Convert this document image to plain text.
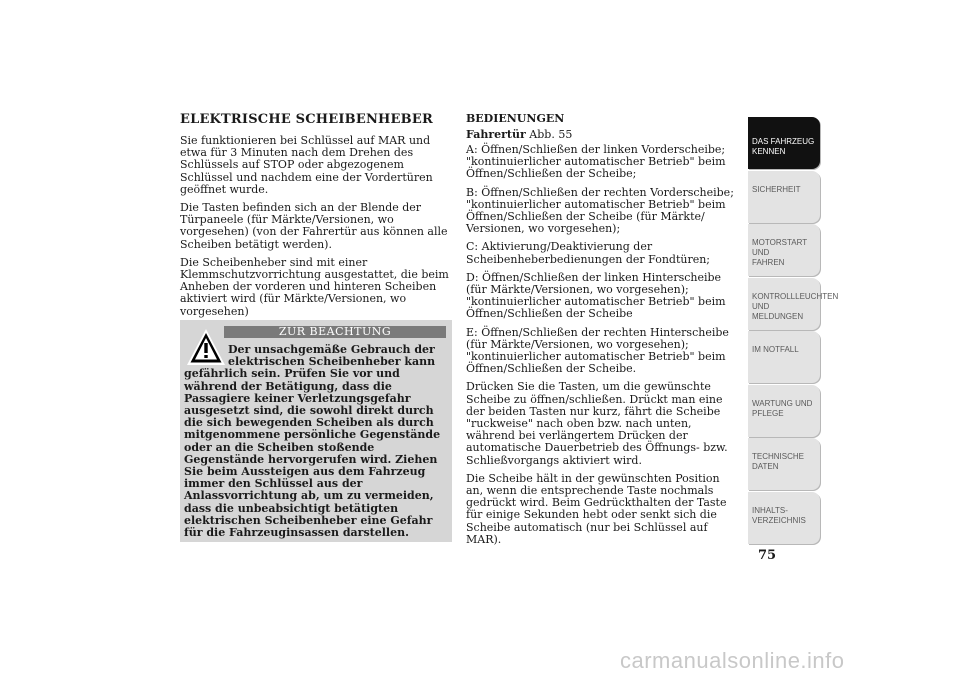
ELEKTRISCHE SCHEIBENHEBER

Sie funktionieren bei Schlüssel auf MAR und etwa für 3 Minuten nach dem Drehen des Schlüssels auf STOP oder abgezogenem Schlüssel und nachdem eine der Vordertüren geöffnet wurde.

Die Tasten befinden sich an der Blende der Türpaneele (für Märkte/Versionen, wo vorgesehen) (von der Fahrertür aus können alle Scheiben betätigt werden).

Die Scheibenheber sind mit einer Klemmschutzvorrichtung ausgestattet, die beim Anheben der vorderen und hinteren Scheiben aktiviert wird (für Märkte/Versionen, wo vorgesehen)

ZUR BEACHTUNG
Der unsachgemäße Gebrauch der elektrischen Scheibenheber kann
gefährlich sein. Prüfen Sie vor und während der Betätigung, dass die Passagiere keiner Verletzungsgefahr ausgesetzt sind, die sowohl direkt durch die sich bewegenden Scheiben als durch mitgenommene persönliche Gegenstände oder an die Scheiben stoßende Gegenstände hervorgerufen wird. Ziehen Sie beim Aussteigen aus dem Fahrzeug immer den Schlüssel aus der Anlassvorrichtung ab, um zu vermeiden, dass die unbeabsichtigt betätigten elektrischen Scheibenheber eine Gefahr für die Fahrzeuginsassen darstellen.

BEDIENUNGEN

Fahrertür Abb. 55

A: Öffnen/Schließen der linken Vorderscheibe; "kontinuierlicher automatischer Betrieb" beim Öffnen/Schließen der Scheibe;

B: Öffnen/Schließen der rechten Vorderscheibe; "kontinuierlicher automatischer Betrieb" beim Öffnen/Schließen der Scheibe (für Märkte/ Versionen, wo vorgesehen);

C: Aktivierung/Deaktivierung der Scheibenheberbedienungen der Fondtüren;

D: Öffnen/Schließen der linken Hinterscheibe (für Märkte/Versionen, wo vorgesehen); "kontinuierlicher automatischer Betrieb" beim Öffnen/Schließen der Scheibe

E: Öffnen/Schließen der rechten Hinterscheibe (für Märkte/Versionen, wo vorgesehen); "kontinuierlicher automatischer Betrieb" beim Öffnen/Schließen der Scheibe.

Drücken Sie die Tasten, um die gewünschte Scheibe zu öffnen/schließen. Drückt man eine der beiden Tasten nur kurz, fährt die Scheibe "ruckweise" nach oben bzw. nach unten, während bei verlängertem Drücken der automatische Dauerbetrieb des Öffnungs- bzw. Schließvorgangs aktiviert wird.

Die Scheibe hält in der gewünschten Position an, wenn die entsprechende Taste nochmals gedrückt wird. Beim Gedrückthalten der Taste für einige Sekunden hebt oder senkt sich die Scheibe automatisch (nur bei Schlüssel auf MAR).

DAS FAHRZEUG
KENNEN
SICHERHEIT
MOTORSTART UND
FAHREN
KONTROLLLEUCHTEN
UND MELDUNGEN
IM NOTFALL
WARTUNG UND
PFLEGE
TECHNISCHE
DATEN
INHALTS-
VERZEICHNIS
75
carmanualsonline.info
